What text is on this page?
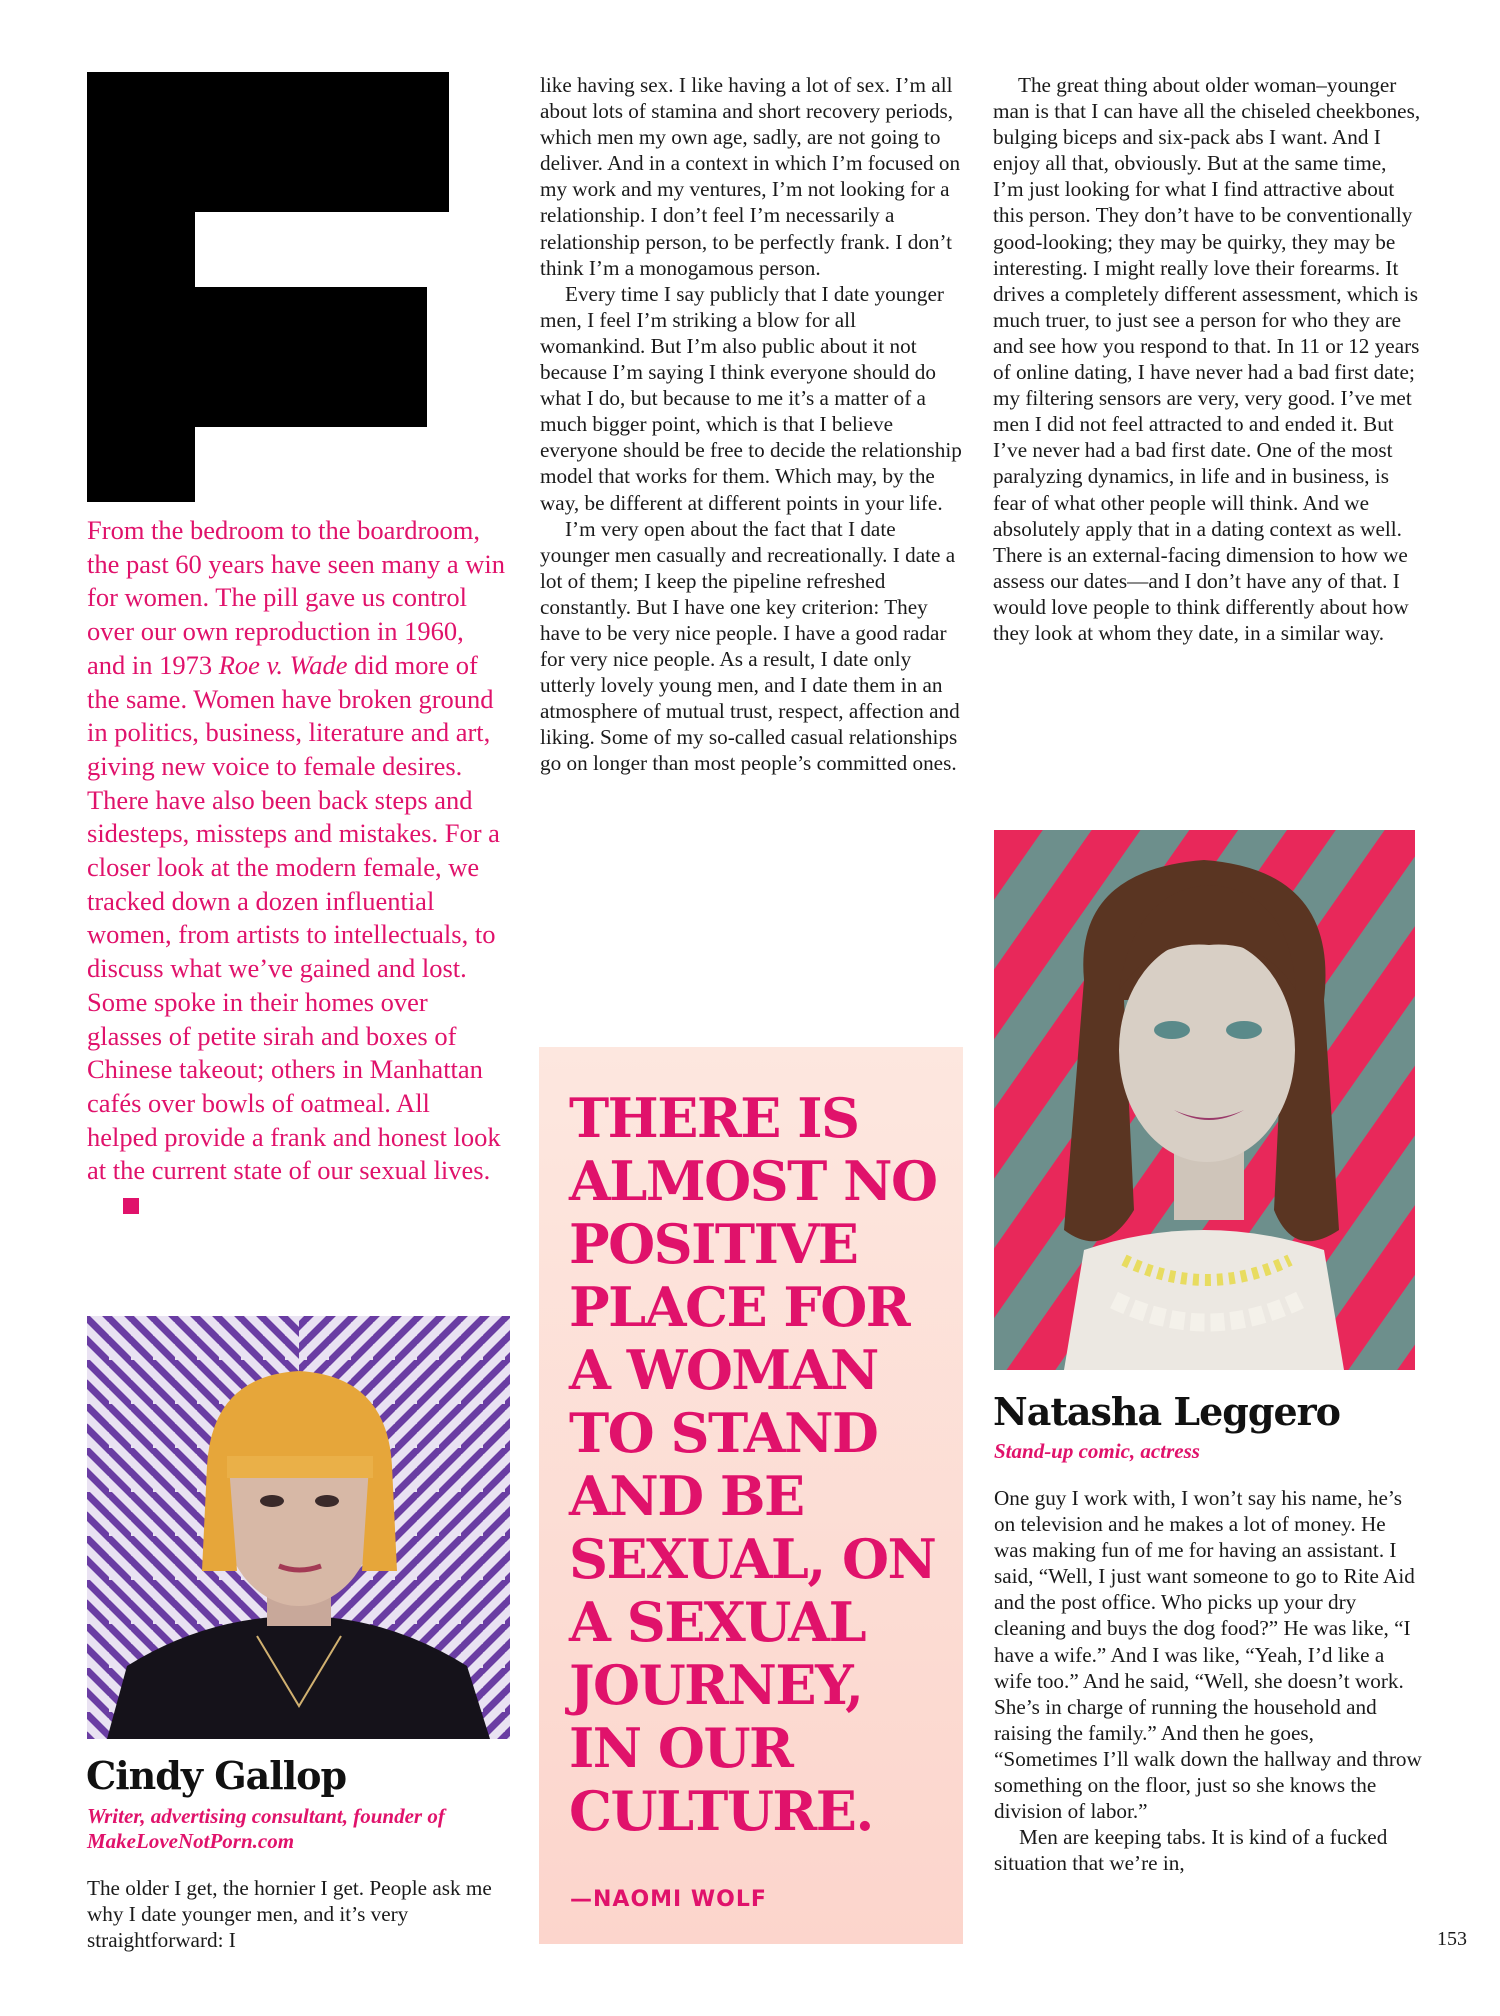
From the bedroom to the boardroom, the past 60 years have seen many a win for women. The pill gave us control over our own reproduction in 1960, and in 1973 Roe v. Wade did more of the same. Women have broken ground in politics, business, literature and art, giving new voice to female desires. There have also been back steps and sidesteps, missteps and mistakes. For a closer look at the modern female, we tracked down a dozen influential women, from artists to intellectuals, to discuss what we’ve gained and lost. Some spoke in their homes over glasses of petite sirah and boxes of Chinese takeout; others in Manhattan cafés over bowls of oatmeal. All helped provide a frank and honest look at the current state of our sexual lives.

Cindy Gallop

Writer, advertising consultant, founder of MakeLoveNotPorn.com

The older I get, the hornier I get. People ask me why I date younger men, and it’s very straightforward: I

like having sex. I like having a lot of sex. I’m all about lots of stamina and short recovery periods, which men my own age, sadly, are not going to deliver. And in a context in which I’m focused on my work and my ventures, I’m not looking for a relationship. I don’t feel I’m necessarily a relationship person, to be perfectly frank. I don’t think I’m a monogamous person.

Every time I say publicly that I date younger men, I feel I’m striking a blow for all womankind. But I’m also public about it not because I’m saying I think everyone should do what I do, but because to me it’s a matter of a much bigger point, which is that I believe everyone should be free to decide the relationship model that works for them. Which may, by the way, be different at different points in your life.

I’m very open about the fact that I date younger men casually and recreationally. I date a lot of them; I keep the pipeline refreshed constantly. But I have one key criterion: They have to be very nice people. I have a good radar for very nice people. As a result, I date only utterly lovely young men, and I date them in an atmosphere of mutual trust, respect, affection and liking. Some of my so-called casual relationships go on longer than most people’s committed ones.

THERE IS
ALMOST NO
POSITIVE
PLACE FOR
A WOMAN
TO STAND
AND BE
SEXUAL, ON
A SEXUAL
JOURNEY,
IN OUR
CULTURE.

—NAOMI WOLF

The great thing about older woman–younger man is that I can have all the chiseled cheekbones, bulging biceps and six-pack abs I want. And I enjoy all that, obviously. But at the same time, I’m just looking for what I find attractive about this person. They don’t have to be conventionally good-looking; they may be quirky, they may be interesting. I might really love their forearms. It drives a completely different assessment, which is much truer, to just see a person for who they are and see how you respond to that. In 11 or 12 years of online dating, I have never had a bad first date; my filtering sensors are very, very good. I’ve met men I did not feel attracted to and ended it. But I’ve never had a bad first date. One of the most paralyzing dynamics, in life and in business, is fear of what other people will think. And we absolutely apply that in a dating context as well. There is an external-facing dimension to how we assess our dates—and I don’t have any of that. I would love people to think differently about how they look at whom they date, in a similar way.

Natasha Leggero

Stand-up comic, actress

One guy I work with, I won’t say his name, he’s on television and he makes a lot of money. He was making fun of me for having an assistant. I said, “Well, I just want someone to go to Rite Aid and the post office. Who picks up your dry cleaning and buys the dog food?” He was like, “I have a wife.” And I was like, “Yeah, I’d like a wife too.” And he said, “Well, she doesn’t work. She’s in charge of running the household and raising the family.” And then he goes, “Sometimes I’ll walk down the hallway and throw something on the floor, just so she knows the division of labor.”

Men are keeping tabs. It is kind of a fucked situation that we’re in,

153
